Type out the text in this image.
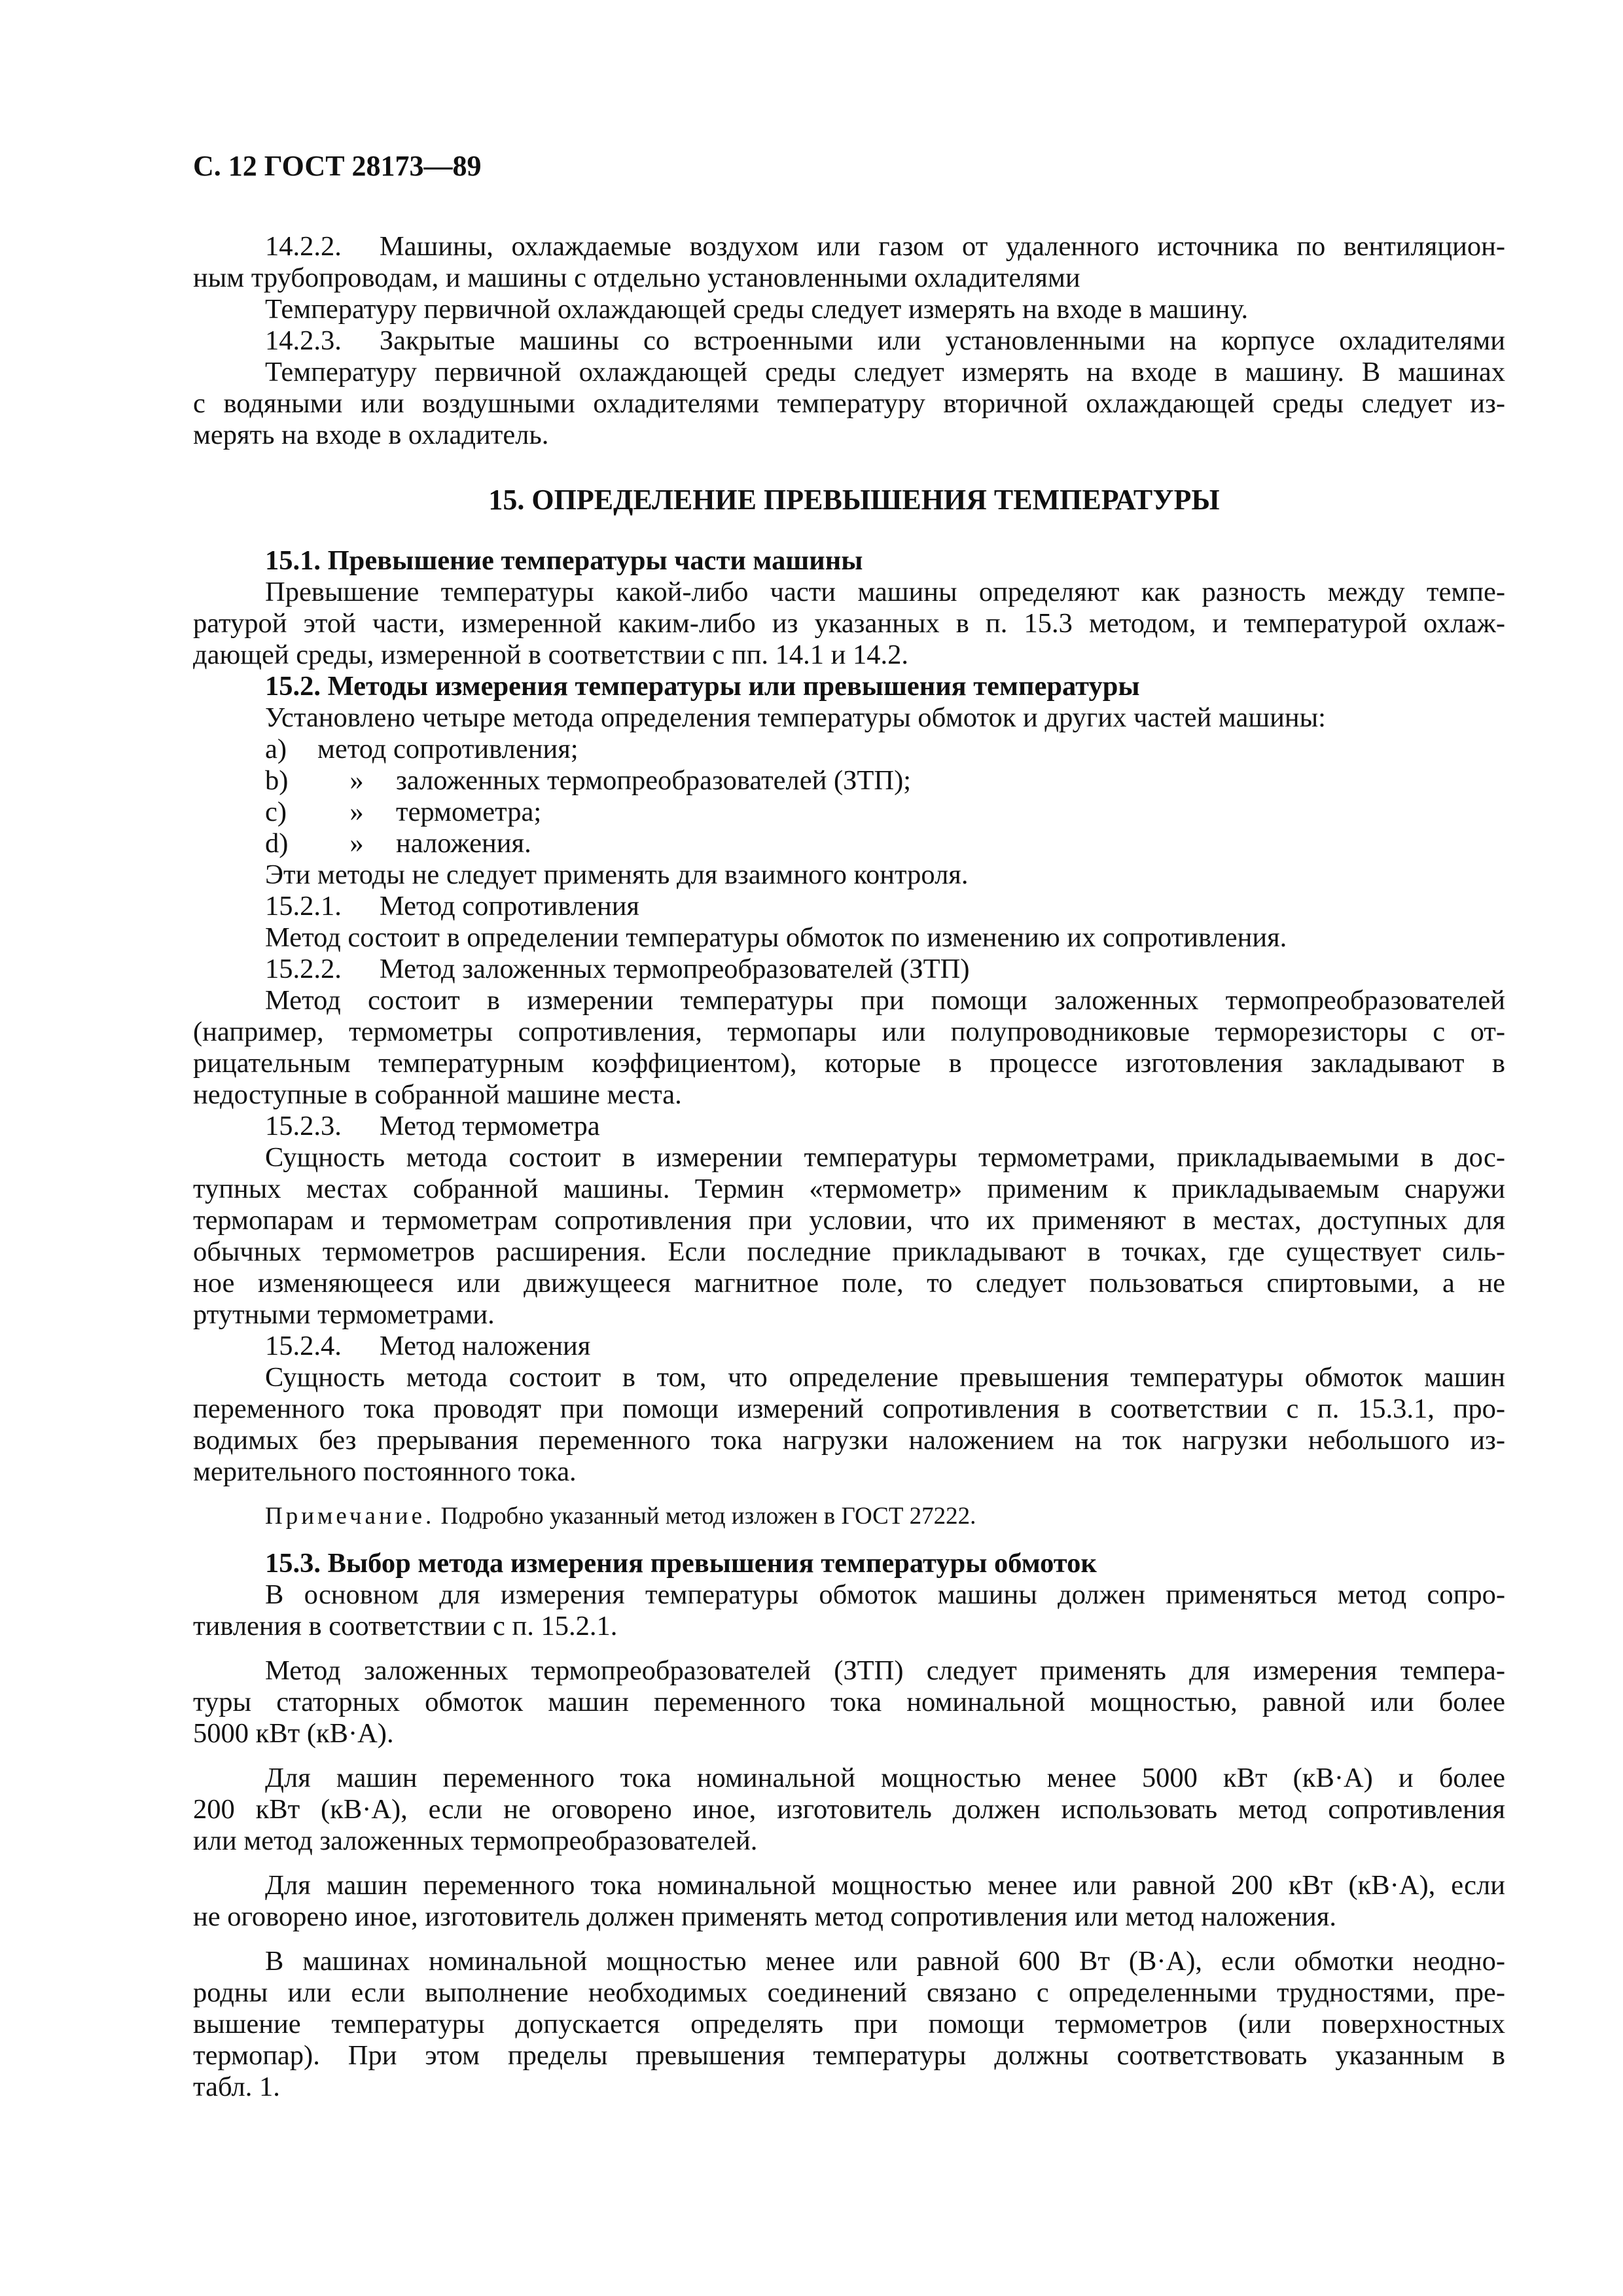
С. 12 ГОСТ 28173—89
14.2.2. Машины, охлаждаемые воздухом или газом от удаленного источника по вентиляцион-
ным трубопроводам, и машины с отдельно установленными охладителями
Температуру первичной охлаждающей среды следует измерять на входе в машину.
14.2.3. Закрытые машины со встроенными или установленными на корпусе охладителями
Температуру первичной охлаждающей среды следует измерять на входе в машину. В машинах
с водяными или воздушными охладителями температуру вторичной охлаждающей среды следует из-
мерять на входе в охладитель.
15. ОПРЕДЕЛЕНИЕ ПРЕВЫШЕНИЯ ТЕМПЕРАТУРЫ
15.1. Превышение температуры части машины
Превышение температуры какой-либо части машины определяют как разность между темпе-
ратурой этой части, измеренной каким-либо из указанных в п. 15.3 методом, и температурой охлаж-
дающей среды, измеренной в соответствии с пп. 14.1 и 14.2.
15.2. Методы измерения температуры или превышения температуры
Установлено четыре метода определения температуры обмоток и других частей машины:
a) метод сопротивления;
b) » заложенных термопреобразователей (ЗТП);
c) » термометра;
d) » наложения.
Эти методы не следует применять для взаимного контроля.
15.2.1. Метод сопротивления
Метод состоит в определении температуры обмоток по изменению их сопротивления.
15.2.2. Метод заложенных термопреобразователей (ЗТП)
Метод состоит в измерении температуры при помощи заложенных термопреобразователей
(например, термометры сопротивления, термопары или полупроводниковые терморезисторы с от-
рицательным температурным коэффициентом), которые в процессе изготовления закладывают в
недоступные в собранной машине места.
15.2.3. Метод термометра
Сущность метода состоит в измерении температуры термометрами, прикладываемыми в дос-
тупных местах собранной машины. Термин «термометр» применим к прикладываемым снаружи
термопарам и термометрам сопротивления при условии, что их применяют в местах, доступных для
обычных термометров расширения. Если последние прикладывают в точках, где существует силь-
ное изменяющееся или движущееся магнитное поле, то следует пользоваться спиртовыми, а не
ртутными термометрами.
15.2.4. Метод наложения
Сущность метода состоит в том, что определение превышения температуры обмоток машин
переменного тока проводят при помощи измерений сопротивления в соответствии с п. 15.3.1, про-
водимых без прерывания переменного тока нагрузки наложением на ток нагрузки небольшого из-
мерительного постоянного тока.
Примечание. Подробно указанный метод изложен в ГОСТ 27222.
15.3. Выбор метода измерения превышения температуры обмоток
В основном для измерения температуры обмоток машины должен применяться метод сопро-
тивления в соответствии с п. 15.2.1.
Метод заложенных термопреобразователей (ЗТП) следует применять для измерения темпера-
туры статорных обмоток машин переменного тока номинальной мощностью, равной или более
5000 кВт (кВ·А).
Для машин переменного тока номинальной мощностью менее 5000 кВт (кВ·А) и более
200 кВт (кВ·А), если не оговорено иное, изготовитель должен использовать метод сопротивления
или метод заложенных термопреобразователей.
Для машин переменного тока номинальной мощностью менее или равной 200 кВт (кВ·А), если
не оговорено иное, изготовитель должен применять метод сопротивления или метод наложения.
В машинах номинальной мощностью менее или равной 600 Вт (В·А), если обмотки неодно-
родны или если выполнение необходимых соединений связано с определенными трудностями, пре-
вышение температуры допускается определять при помощи термометров (или поверхностных
термопар). При этом пределы превышения температуры должны соответствовать указанным в
табл. 1.
